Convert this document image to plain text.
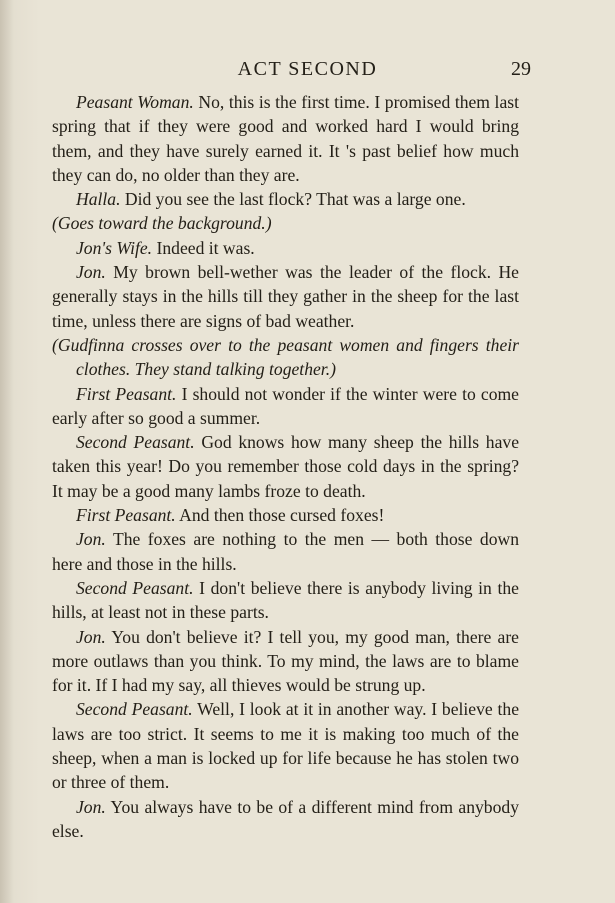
ACT SECOND	29

Peasant Woman. No, this is the first time. I promised them last spring that if they were good and worked hard I would bring them, and they have surely earned it. It 's past belief how much they can do, no older than they are.

Halla. Did you see the last flock? That was a large one.

(Goes toward the background.)

Jon's Wife. Indeed it was.

Jon. My brown bell-wether was the leader of the flock. He generally stays in the hills till they gather in the sheep for the last time, unless there are signs of bad weather.

(Gudfinna crosses over to the peasant women and fingers their clothes. They stand talking together.)

First Peasant. I should not wonder if the winter were to come early after so good a summer.

Second Peasant. God knows how many sheep the hills have taken this year! Do you remember those cold days in the spring? It may be a good many lambs froze to death.

First Peasant. And then those cursed foxes!

Jon. The foxes are nothing to the men — both those down here and those in the hills.

Second Peasant. I don't believe there is anybody living in the hills, at least not in these parts.

Jon. You don't believe it? I tell you, my good man, there are more outlaws than you think. To my mind, the laws are to blame for it. If I had my say, all thieves would be strung up.

Second Peasant. Well, I look at it in another way. I believe the laws are too strict. It seems to me it is making too much of the sheep, when a man is locked up for life because he has stolen two or three of them.

Jon. You always have to be of a different mind from anybody else.
